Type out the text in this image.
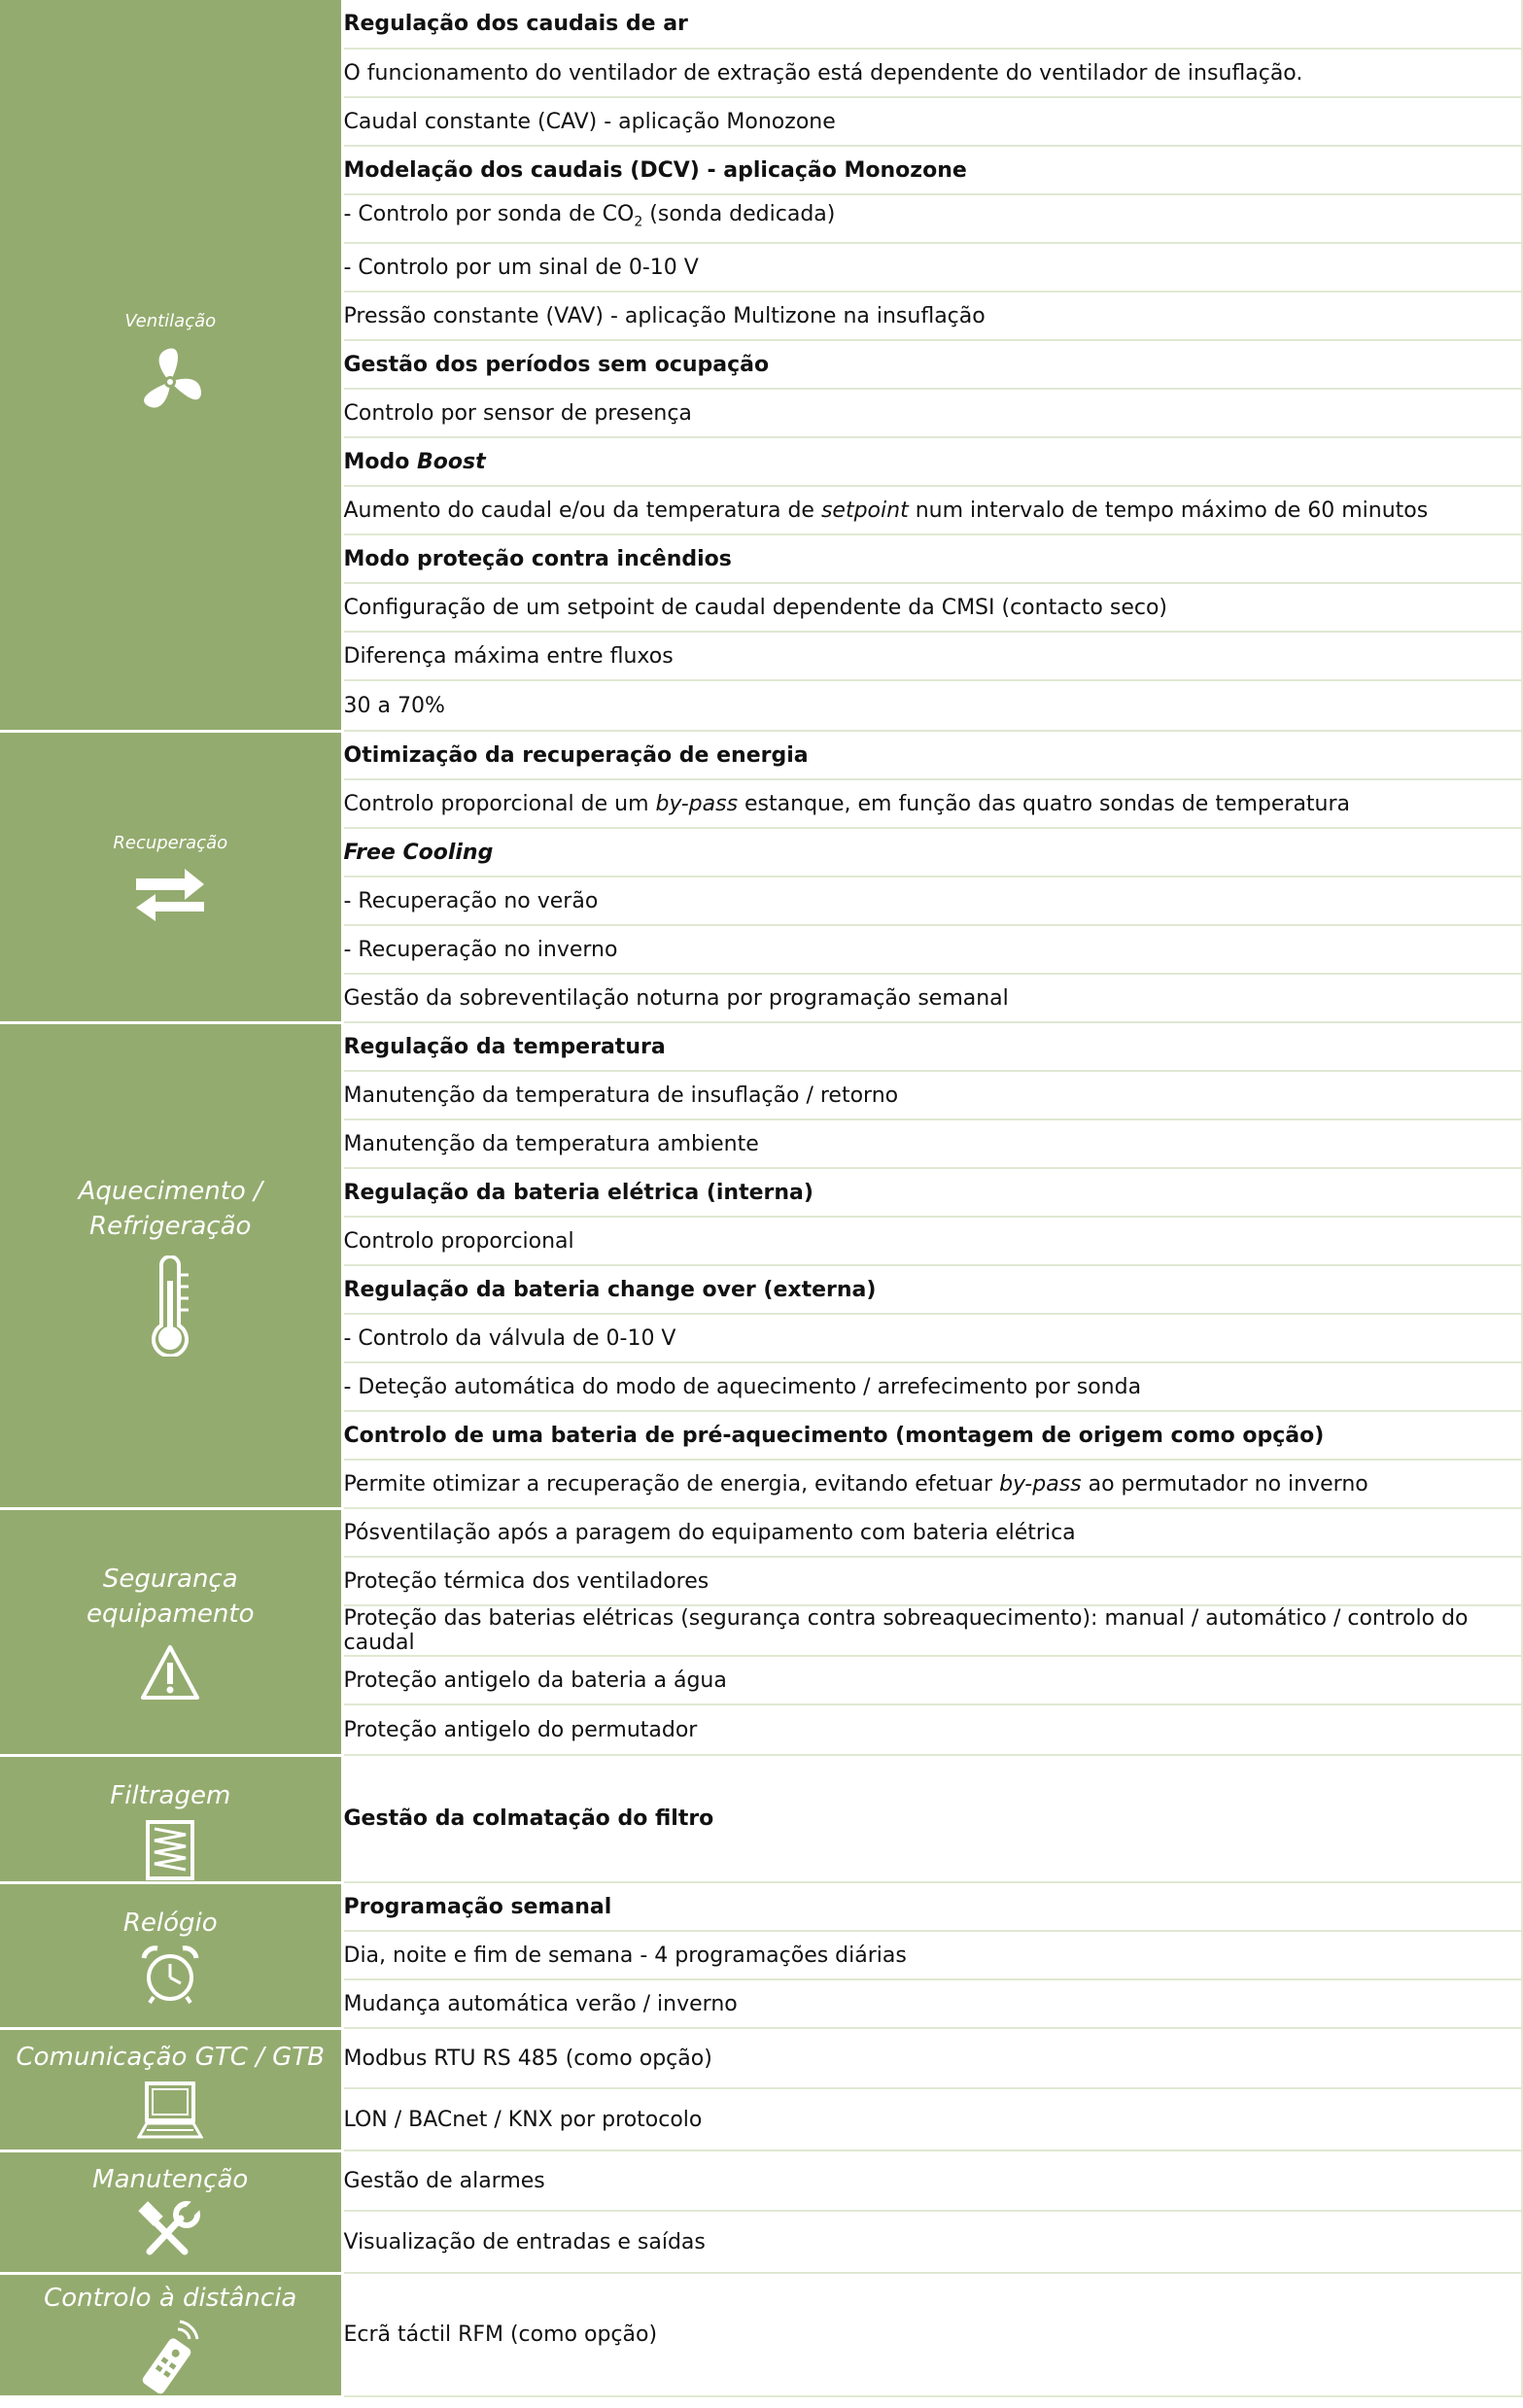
Ventilação	Regulação dos caudais de ar
	O funcionamento do ventilador de extração está dependente do ventilador de insuflação.
	Caudal constante (CAV) - aplicação Monozone
	Modelação dos caudais (DCV) - aplicação Monozone
	- Controlo por sonda de $CO_2$ (sonda dedicada)
	- Controlo por um sinal de 0-10 V
	Pressão constante (VAV) - aplicação Multizone na insuflação
	Gestão dos períodos sem ocupação
	Controlo por sensor de presença
	Modo Boost
	Aumento do caudal e/ou da temperatura de setpoint num intervalo de tempo máximo de 60 minutos
	Modo proteção contra incêndios
	Configuração de um setpoint de caudal dependente da CMSI (contacto seco)
	Diferença máxima entre fluxos
	30 a 70%

Recuperação	Otimização da recuperação de energia
	Controlo proporcional de um by-pass estanque, em função das quatro sondas de temperatura
	Free Cooling
	- Recuperação no verão
	- Recuperação no inverno
	Gestão da sobreventilação noturna por programação semanal

Aquecimento /
Refrigeração	Regulação da temperatura
	Manutenção da temperatura de insuflação / retorno
	Manutenção da temperatura ambiente
	Regulação da bateria elétrica (interna)
	Controlo proporcional
	Regulação da bateria change over (externa)
	- Controlo da válvula de 0-10 V
	- Deteção automática do modo de aquecimento / arrefecimento por sonda
	Controlo de uma bateria de pré-aquecimento (montagem de origem como opção)
	Permite otimizar a recuperação de energia, evitando efetuar by-pass ao permutador no inverno

Segurança
equipamento	Pósventilação após a paragem do equipamento com bateria elétrica
	Proteção térmica dos ventiladores
	Proteção das baterias elétricas (segurança contra sobreaquecimento): manual / automático / controlo do caudal
	Proteção antigelo da bateria a água
	Proteção antigelo do permutador

Filtragem	Gestão da colmatação do filtro

Relógio	Programação semanal
	Dia, noite e fim de semana - 4 programações diárias
	Mudança automática verão / inverno

Comunicação GTC / GTB	Modbus RTU RS 485 (como opção)
	LON / BACnet / KNX por protocolo

Manutenção	Gestão de alarmes
	Visualização de entradas e saídas

Controlo à distância	Ecrã táctil RFM (como opção)
